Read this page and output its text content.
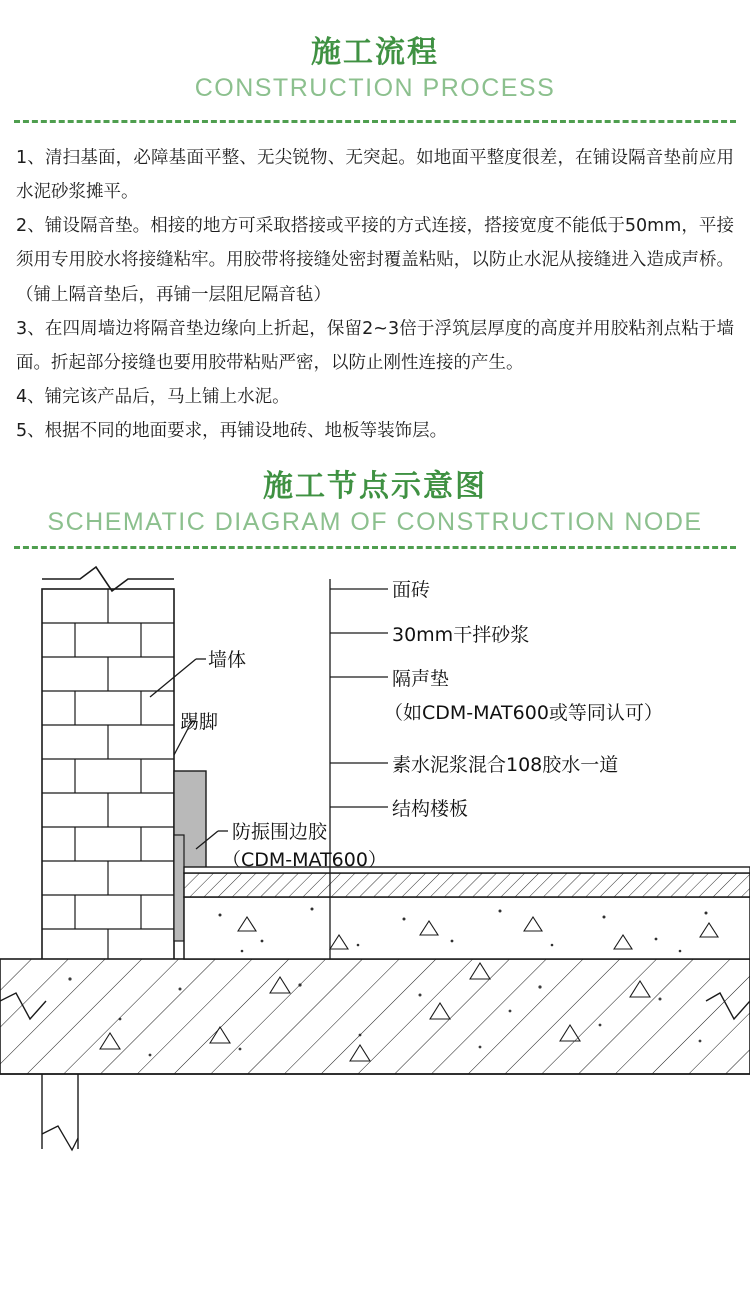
施工流程
CONSTRUCTION PROCESS

1、清扫基面，必障基面平整、无尖锐物、无突起。如地面平整度很差，在铺设隔音垫前应用水泥砂浆摊平。

2、铺设隔音垫。相接的地方可采取搭接或平接的方式连接，搭接宽度不能低于50mm，平接须用专用胶水将接缝粘牢。用胶带将接缝处密封覆盖粘贴，以防止水泥从接缝进入造成声桥。（铺上隔音垫后，再铺一层阻尼隔音毡）

3、在四周墙边将隔音垫边缘向上折起，保留2~3倍于浮筑层厚度的高度并用胶粘剂点粘于墙面。折起部分接缝也要用胶带粘贴严密，以防止刚性连接的产生。

4、铺完该产品后，马上铺上水泥。

5、根据不同的地面要求，再铺设地砖、地板等装饰层。

施工节点示意图
SCHEMATIC DIAGRAM OF CONSTRUCTION NODE
墙体
踢脚
防振围边胶
（CDM-MAT600）
面砖
30mm干拌砂浆
隔声垫
（如CDM-MAT600或等同认可）
素水泥浆混合108胶水一道
结构楼板
